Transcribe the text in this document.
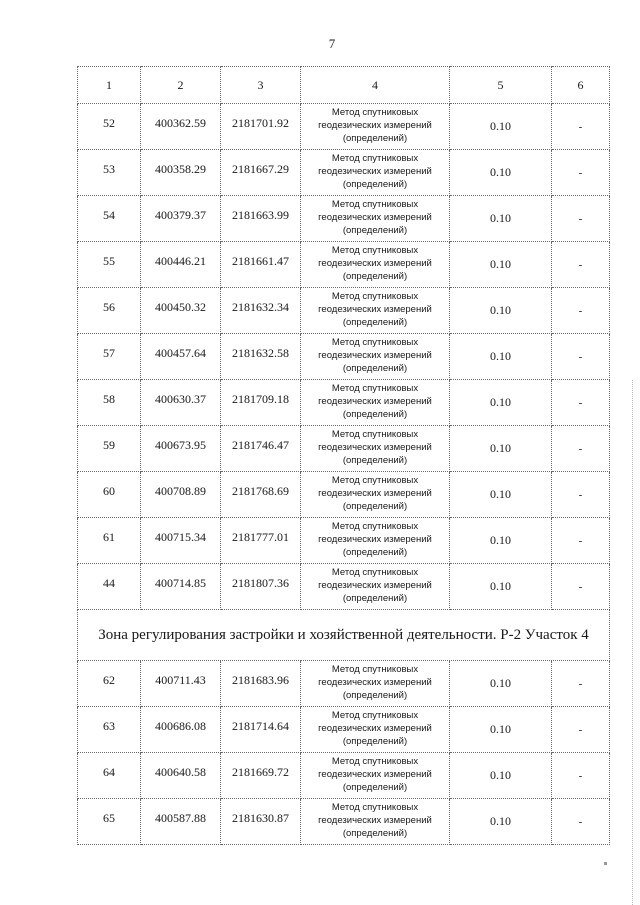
7
1	2	3	4	5	6
52	400362.59	2181701.92	Метод спутниковых геодезических измерений (определений)	0.10	-
53	400358.29	2181667.29	Метод спутниковых геодезических измерений (определений)	0.10	-
54	400379.37	2181663.99	Метод спутниковых геодезических измерений (определений)	0.10	-
55	400446.21	2181661.47	Метод спутниковых геодезических измерений (определений)	0.10	-
56	400450.32	2181632.34	Метод спутниковых геодезических измерений (определений)	0.10	-
57	400457.64	2181632.58	Метод спутниковых геодезических измерений (определений)	0.10	-
58	400630.37	2181709.18	Метод спутниковых геодезических измерений (определений)	0.10	-
59	400673.95	2181746.47	Метод спутниковых геодезических измерений (определений)	0.10	-
60	400708.89	2181768.69	Метод спутниковых геодезических измерений (определений)	0.10	-
61	400715.34	2181777.01	Метод спутниковых геодезических измерений (определений)	0.10	-
44	400714.85	2181807.36	Метод спутниковых геодезических измерений (определений)	0.10	-
Зона регулирования застройки и хозяйственной деятельности. Р-2 Участок 4					
62	400711.43	2181683.96	Метод спутниковых геодезических измерений (определений)	0.10	-
63	400686.08	2181714.64	Метод спутниковых геодезических измерений (определений)	0.10	-
64	400640.58	2181669.72	Метод спутниковых геодезических измерений (определений)	0.10	-
65	400587.88	2181630.87	Метод спутниковых геодезических измерений (определений)	0.10	-
